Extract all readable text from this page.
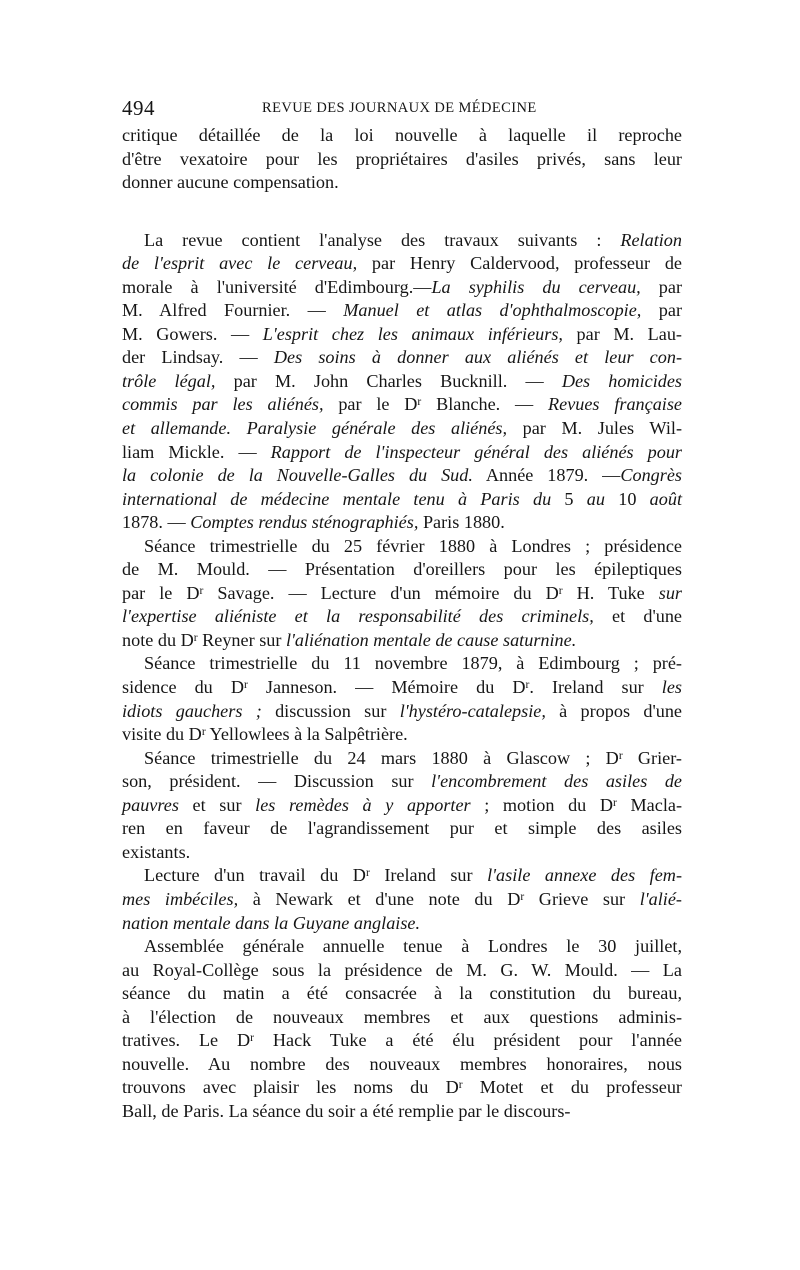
494	REVUE DES JOURNAUX DE MÉDECINE
critique détaillée de la loi nouvelle à laquelle il reproche
d'être vexatoire pour les propriétaires d'asiles privés, sans leur
donner aucune compensation.
La revue contient l'analyse des travaux suivants : Relation
de l'esprit avec le cerveau, par Henry Caldervood, professeur de
morale à l'université d'Edimbourg.—La syphilis du cerveau, par
M. Alfred Fournier. — Manuel et atlas d'ophthalmoscopie, par
M. Gowers. — L'esprit chez les animaux inférieurs, par M. Lau-
der Lindsay. — Des soins à donner aux aliénés et leur con-
trôle légal, par M. John Charles Bucknill. — Des homicides
commis par les aliénés, par le $D^r$ Blanche. — Revues française
et allemande. Paralysie générale des aliénés, par M. Jules Wil-
liam Mickle. — Rapport de l'inspecteur général des aliénés pour
la colonie de la Nouvelle-Galles du Sud. Année 1879. —Congrès
international de médecine mentale tenu à Paris du 5 au 10 août
1878. — Comptes rendus sténographiés, Paris 1880.
Séance trimestrielle du 25 février 1880 à Londres ; présidence
de M. Mould. — Présentation d'oreillers pour les épileptiques
par le $D^r$ Savage. — Lecture d'un mémoire du $D^r$ H. Tuke sur
l'expertise aliéniste et la responsabilité des criminels, et d'une
note du $D^r$ Reyner sur l'aliénation mentale de cause saturnine.
Séance trimestrielle du 11 novembre 1879, à Edimbourg ; pré-
sidence du $D^r$ Janneson. — Mémoire du $D^r$. Ireland sur les
idiots gauchers ; discussion sur l'hystéro-catalepsie, à propos d'une
visite du $D^r$ Yellowlees à la Salpêtrière.
Séance trimestrielle du 24 mars 1880 à Glascow ; $D^r$ Grier-
son, président. — Discussion sur l'encombrement des asiles de
pauvres et sur les remèdes à y apporter ; motion du $D^r$ Macla-
ren en faveur de l'agrandissement pur et simple des asiles
existants.
Lecture d'un travail du $D^r$ Ireland sur l'asile annexe des fem-
mes imbéciles, à Newark et d'une note du $D^r$ Grieve sur l'alié-
nation mentale dans la Guyane anglaise.
Assemblée générale annuelle tenue à Londres le 30 juillet,
au Royal-Collège sous la présidence de M. G. W. Mould. — La
séance du matin a été consacrée à la constitution du bureau,
à l'élection de nouveaux membres et aux questions adminis-
tratives. Le $D^r$ Hack Tuke a été élu président pour l'année
nouvelle. Au nombre des nouveaux membres honoraires, nous
trouvons avec plaisir les noms du $D^r$ Motet et du professeur
Ball, de Paris. La séance du soir a été remplie par le discours-
